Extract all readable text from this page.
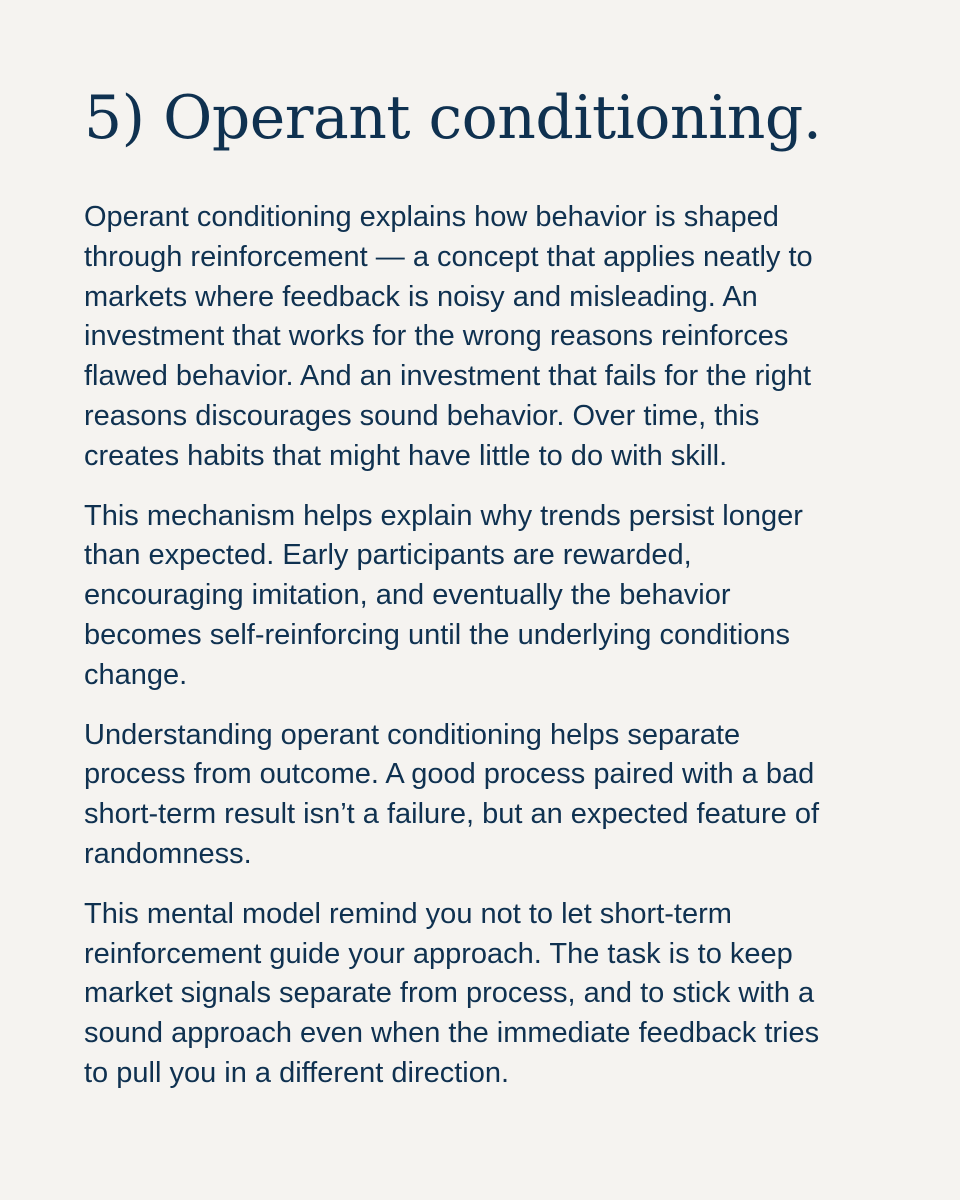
5) Operant conditioning.

Operant conditioning explains how behavior is shaped
through reinforcement — a concept that applies neatly to
markets where feedback is noisy and misleading. An
investment that works for the wrong reasons reinforces
flawed behavior. And an investment that fails for the right
reasons discourages sound behavior. Over time, this
creates habits that might have little to do with skill.

This mechanism helps explain why trends persist longer
than expected. Early participants are rewarded,
encouraging imitation, and eventually the behavior
becomes self-reinforcing until the underlying conditions
change.

Understanding operant conditioning helps separate
process from outcome. A good process paired with a bad
short-term result isn’t a failure, but an expected feature of
randomness.

This mental model remind you not to let short-term
reinforcement guide your approach. The task is to keep
market signals separate from process, and to stick with a
sound approach even when the immediate feedback tries
to pull you in a different direction.
